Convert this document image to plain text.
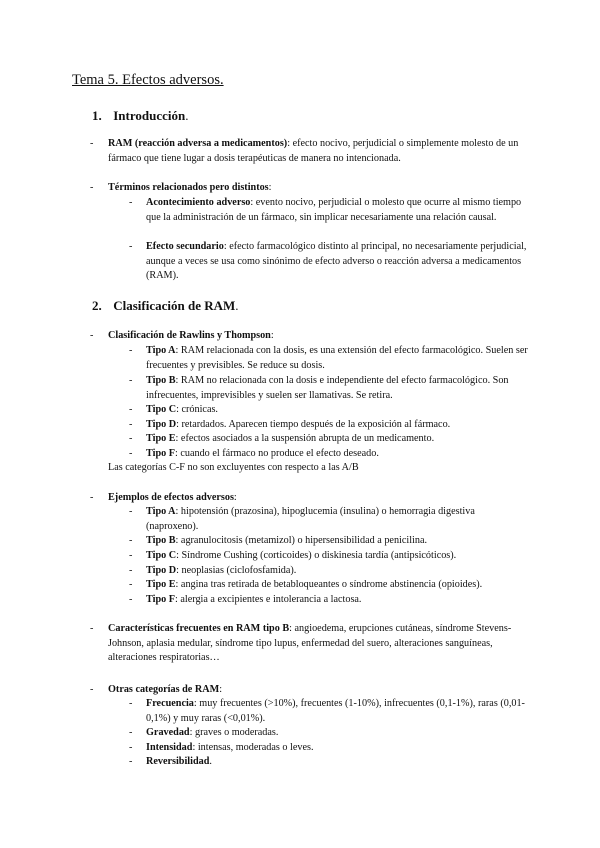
Tema 5. Efectos adversos.
1. Introducción.
- RAM (reacción adversa a medicamentos): efecto nocivo, perjudicial o simplemente molesto de un fármaco que tiene lugar a dosis terapéuticas de manera no intencionada.
- Términos relacionados pero distintos:
- Acontecimiento adverso: evento nocivo, perjudicial o molesto que ocurre al mismo tiempo que la administración de un fármaco, sin implicar necesariamente una relación causal.
- Efecto secundario: efecto farmacológico distinto al principal, no necesariamente perjudicial, aunque a veces se usa como sinónimo de efecto adverso o reacción adversa a medicamentos (RAM).
2. Clasificación de RAM.
- Clasificación de Rawlins y Thompson:
- Tipo A: RAM relacionada con la dosis, es una extensión del efecto farmacológico. Suelen ser frecuentes y previsibles. Se reduce su dosis.
- Tipo B: RAM no relacionada con la dosis e independiente del efecto farmacológico. Son infrecuentes, imprevisibles y suelen ser llamativas. Se retira.
- Tipo C: crónicas.
- Tipo D: retardados. Aparecen tiempo después de la exposición al fármaco.
- Tipo E: efectos asociados a la suspensión abrupta de un medicamento.
- Tipo F: cuando el fármaco no produce el efecto deseado.
Las categorías C-F no son excluyentes con respecto a las A/B
- Ejemplos de efectos adversos:
- Tipo A: hipotensión (prazosina), hipoglucemia (insulina) o hemorragia digestiva (naproxeno).
- Tipo B: agranulocitosis (metamizol) o hipersensibilidad a penicilina.
- Tipo C: Síndrome Cushing (corticoides) o diskinesia tardía (antipsicóticos).
- Tipo D: neoplasias (ciclofosfamida).
- Tipo E: angina tras retirada de betabloqueantes o síndrome abstinencia (opioides).
- Tipo F: alergia a excipientes e intolerancia a lactosa.
- Características frecuentes en RAM tipo B: angioedema, erupciones cutáneas, síndrome Stevens-Johnson, aplasia medular, síndrome tipo lupus, enfermedad del suero, alteraciones sanguíneas, alteraciones respiratorias…
- Otras categorías de RAM:
- Frecuencia: muy frecuentes (>10%), frecuentes (1-10%), infrecuentes (0,1-1%), raras (0,01-0,1%) y muy raras (<0,01%).
- Gravedad: graves o moderadas.
- Intensidad: intensas, moderadas o leves.
- Reversibilidad.
